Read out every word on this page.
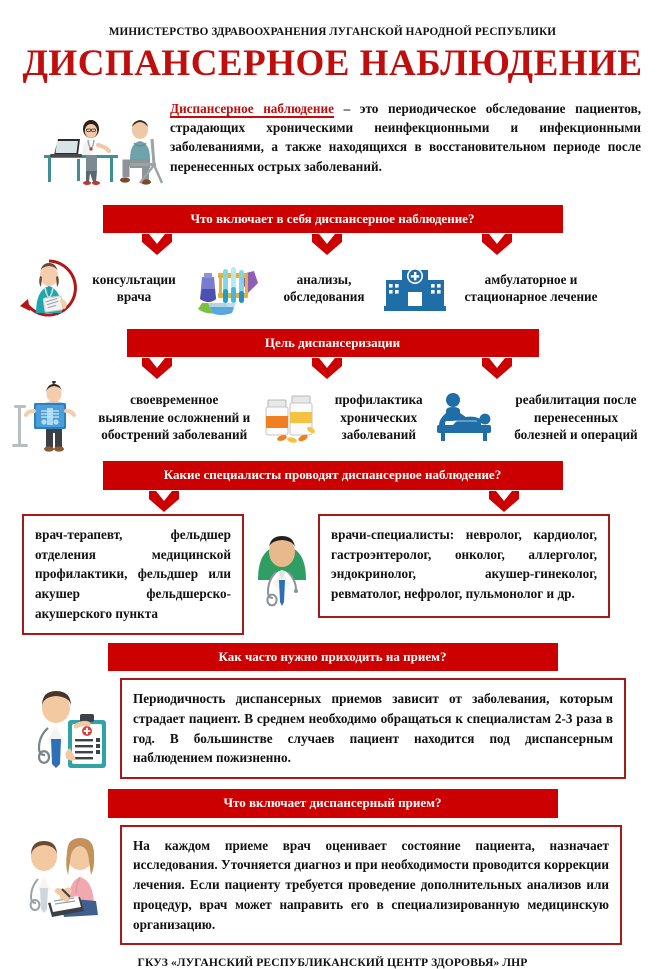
МИНИСТЕРСТВО ЗДРАВООХРАНЕНИЯ ЛУГАНСКОЙ НАРОДНОЙ РЕСПУБЛИКИ
ДИСПАНСЕРНОЕ НАБЛЮДЕНИЕ
Диспансерное наблюдение – это периодическое обследование пациентов, страдающих хроническими неинфекционными и инфекционными заболеваниями, а также находящихся в восстановительном периоде после перенесенных острых заболеваний.
Что включает в себя диспансерное наблюдение?
консультации
врача
анализы,
обследования
амбулаторное и
стационарное лечение
Цель диспансеризации
своевременное
выявление осложнений и
обострений заболеваний
профилактика
хронических
заболеваний
реабилитация после
перенесенных
болезней и операций
Какие специалисты проводят диспансерное наблюдение?
врач-терапевт, фельдшер отделения медицинской профилактики, фельдшер или акушер фельдшерско-акушерского пункта
врачи-специалисты: невролог, кардиолог, гастроэнтеролог, онколог, аллерголог, эндокринолог, акушер-гинеколог, ревматолог, нефролог, пульмонолог и др.
Как часто нужно приходить на прием?
Периодичность диспансерных приемов зависит от заболевания, которым страдает пациент. В среднем необходимо обращаться к специалистам 2-3 раза в год. В большинстве случаев пациент находится под диспансерным наблюдением пожизненно.
Что включает диспансерный прием?
На каждом приеме врач оценивает состояние пациента, назначает исследования. Уточняется диагноз и при необходимости проводится коррекции лечения. Если пациенту требуется проведение дополнительных анализов или процедур, врач может направить его в специализированную медицинскую организацию.
ГКУЗ «ЛУГАНСКИЙ РЕСПУБЛИКАНСКИЙ ЦЕНТР ЗДОРОВЬЯ» ЛНР
